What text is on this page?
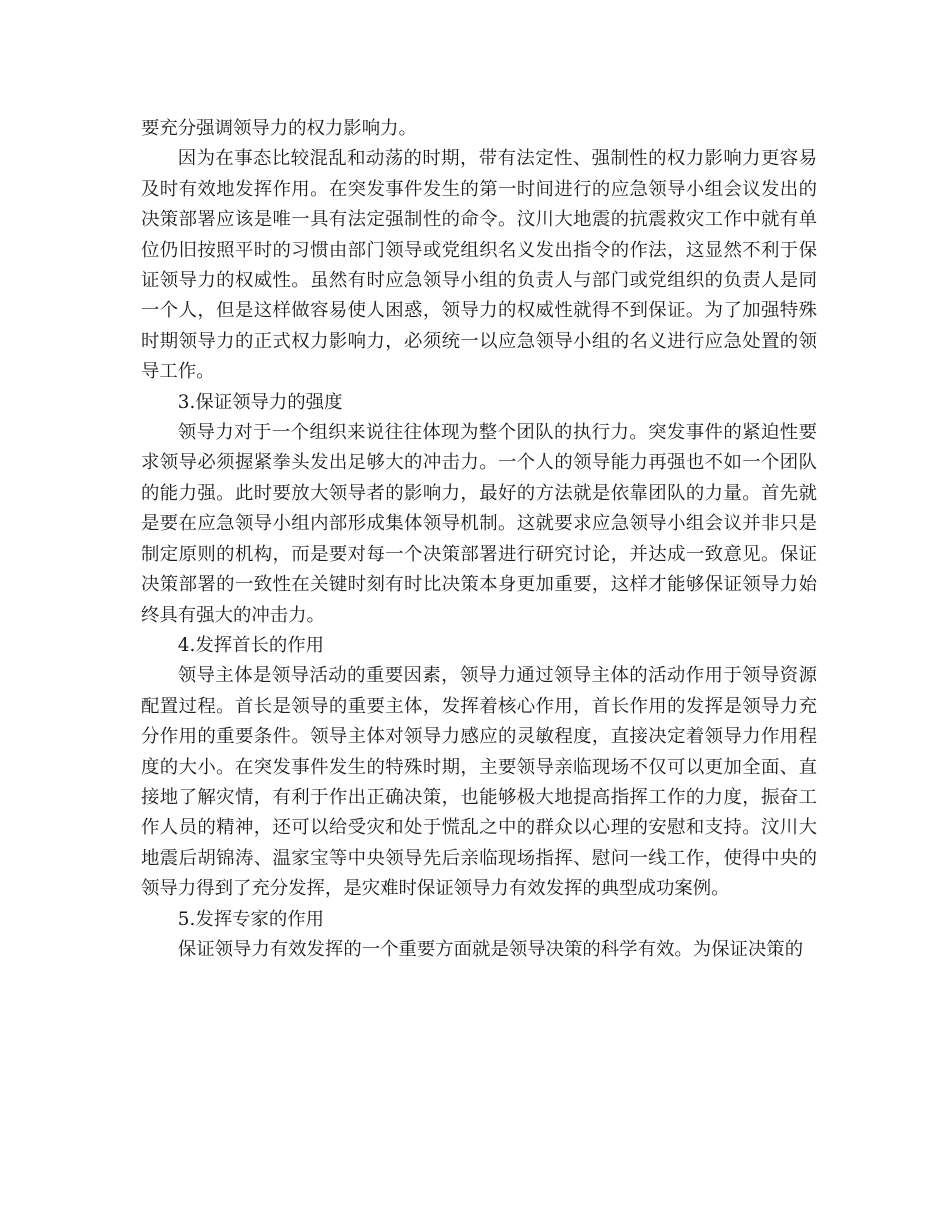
要充分强调领导力的权力影响力。

因为在事态比较混乱和动荡的时期，带有法定性、强制性的权力影响力更容易及时有效地发挥作用。在突发事件发生的第一时间进行的应急领导小组会议发出的决策部署应该是唯一具有法定强制性的命令。汶川大地震的抗震救灾工作中就有单位仍旧按照平时的习惯由部门领导或党组织名义发出指令的作法，这显然不利于保证领导力的权威性。虽然有时应急领导小组的负责人与部门或党组织的负责人是同一个人，但是这样做容易使人困惑，领导力的权威性就得不到保证。为了加强特殊时期领导力的正式权力影响力，必须统一以应急领导小组的名义进行应急处置的领导工作。

3.保证领导力的强度

领导力对于一个组织来说往往体现为整个团队的执行力。突发事件的紧迫性要求领导必须握紧拳头发出足够大的冲击力。一个人的领导能力再强也不如一个团队的能力强。此时要放大领导者的影响力，最好的方法就是依靠团队的力量。首先就是要在应急领导小组内部形成集体领导机制。这就要求应急领导小组会议并非只是制定原则的机构，而是要对每一个决策部署进行研究讨论，并达成一致意见。保证决策部署的一致性在关键时刻有时比决策本身更加重要，这样才能够保证领导力始终具有强大的冲击力。

4.发挥首长的作用

领导主体是领导活动的重要因素，领导力通过领导主体的活动作用于领导资源配置过程。首长是领导的重要主体，发挥着核心作用，首长作用的发挥是领导力充分作用的重要条件。领导主体对领导力感应的灵敏程度，直接决定着领导力作用程度的大小。在突发事件发生的特殊时期，主要领导亲临现场不仅可以更加全面、直接地了解灾情，有利于作出正确决策，也能够极大地提高指挥工作的力度，振奋工作人员的精神，还可以给受灾和处于慌乱之中的群众以心理的安慰和支持。汶川大地震后胡锦涛、温家宝等中央领导先后亲临现场指挥、慰问一线工作，使得中央的领导力得到了充分发挥，是灾难时保证领导力有效发挥的典型成功案例。

5.发挥专家的作用

保证领导力有效发挥的一个重要方面就是领导决策的科学有效。为保证决策的
